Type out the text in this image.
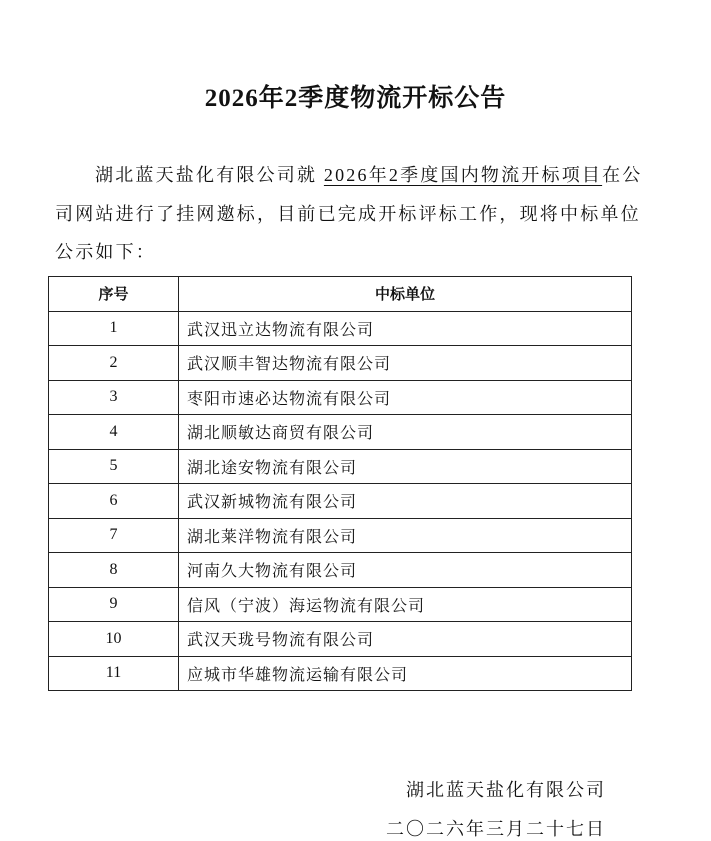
2026年2季度物流开标公告
湖北蓝天盐化有限公司就 2026年2季度国内物流开标项目在公司网站进行了挂网邀标，目前已完成开标评标工作，现将中标单位公示如下：
序号	中标单位
1	武汉迅立达物流有限公司
2	武汉顺丰智达物流有限公司
3	枣阳市速必达物流有限公司
4	湖北顺敏达商贸有限公司
5	湖北途安物流有限公司
6	武汉新城物流有限公司
7	湖北莱洋物流有限公司
8	河南久大物流有限公司
9	信风（宁波）海运物流有限公司
10	武汉天珑号物流有限公司
11	应城市华雄物流运输有限公司
湖北蓝天盐化有限公司
二〇二六年三月二十七日
